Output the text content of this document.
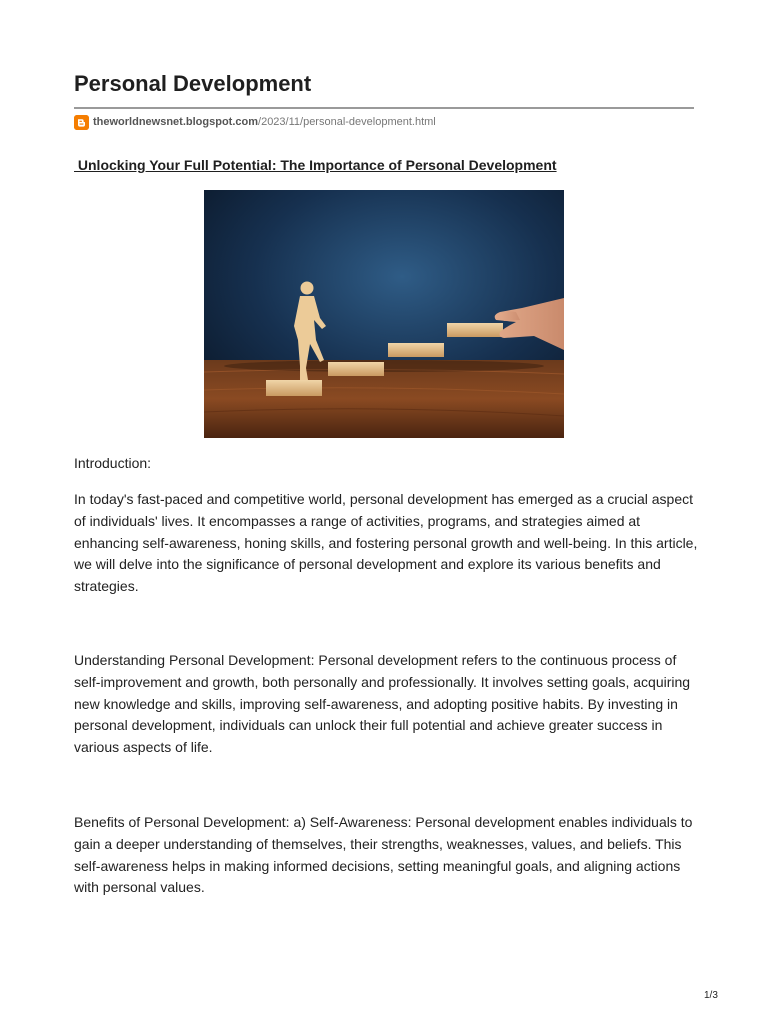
Personal Development
theworldnewsnet.blogspot.com /2023/11/personal-development.html
Unlocking Your Full Potential: The Importance of Personal Development

Introduction:

In today's fast-paced and competitive world, personal development has emerged as a crucial aspect of individuals' lives. It encompasses a range of activities, programs, and strategies aimed at enhancing self-awareness, honing skills, and fostering personal growth and well-being. In this article, we will delve into the significance of personal development and explore its various benefits and strategies.

Understanding Personal Development: Personal development refers to the continuous process of self-improvement and growth, both personally and professionally. It involves setting goals, acquiring new knowledge and skills, improving self-awareness, and adopting positive habits. By investing in personal development, individuals can unlock their full potential and achieve greater success in various aspects of life.

Benefits of Personal Development: a) Self-Awareness: Personal development enables individuals to gain a deeper understanding of themselves, their strengths, weaknesses, values, and beliefs. This self-awareness helps in making informed decisions, setting meaningful goals, and aligning actions with personal values.

1/3
